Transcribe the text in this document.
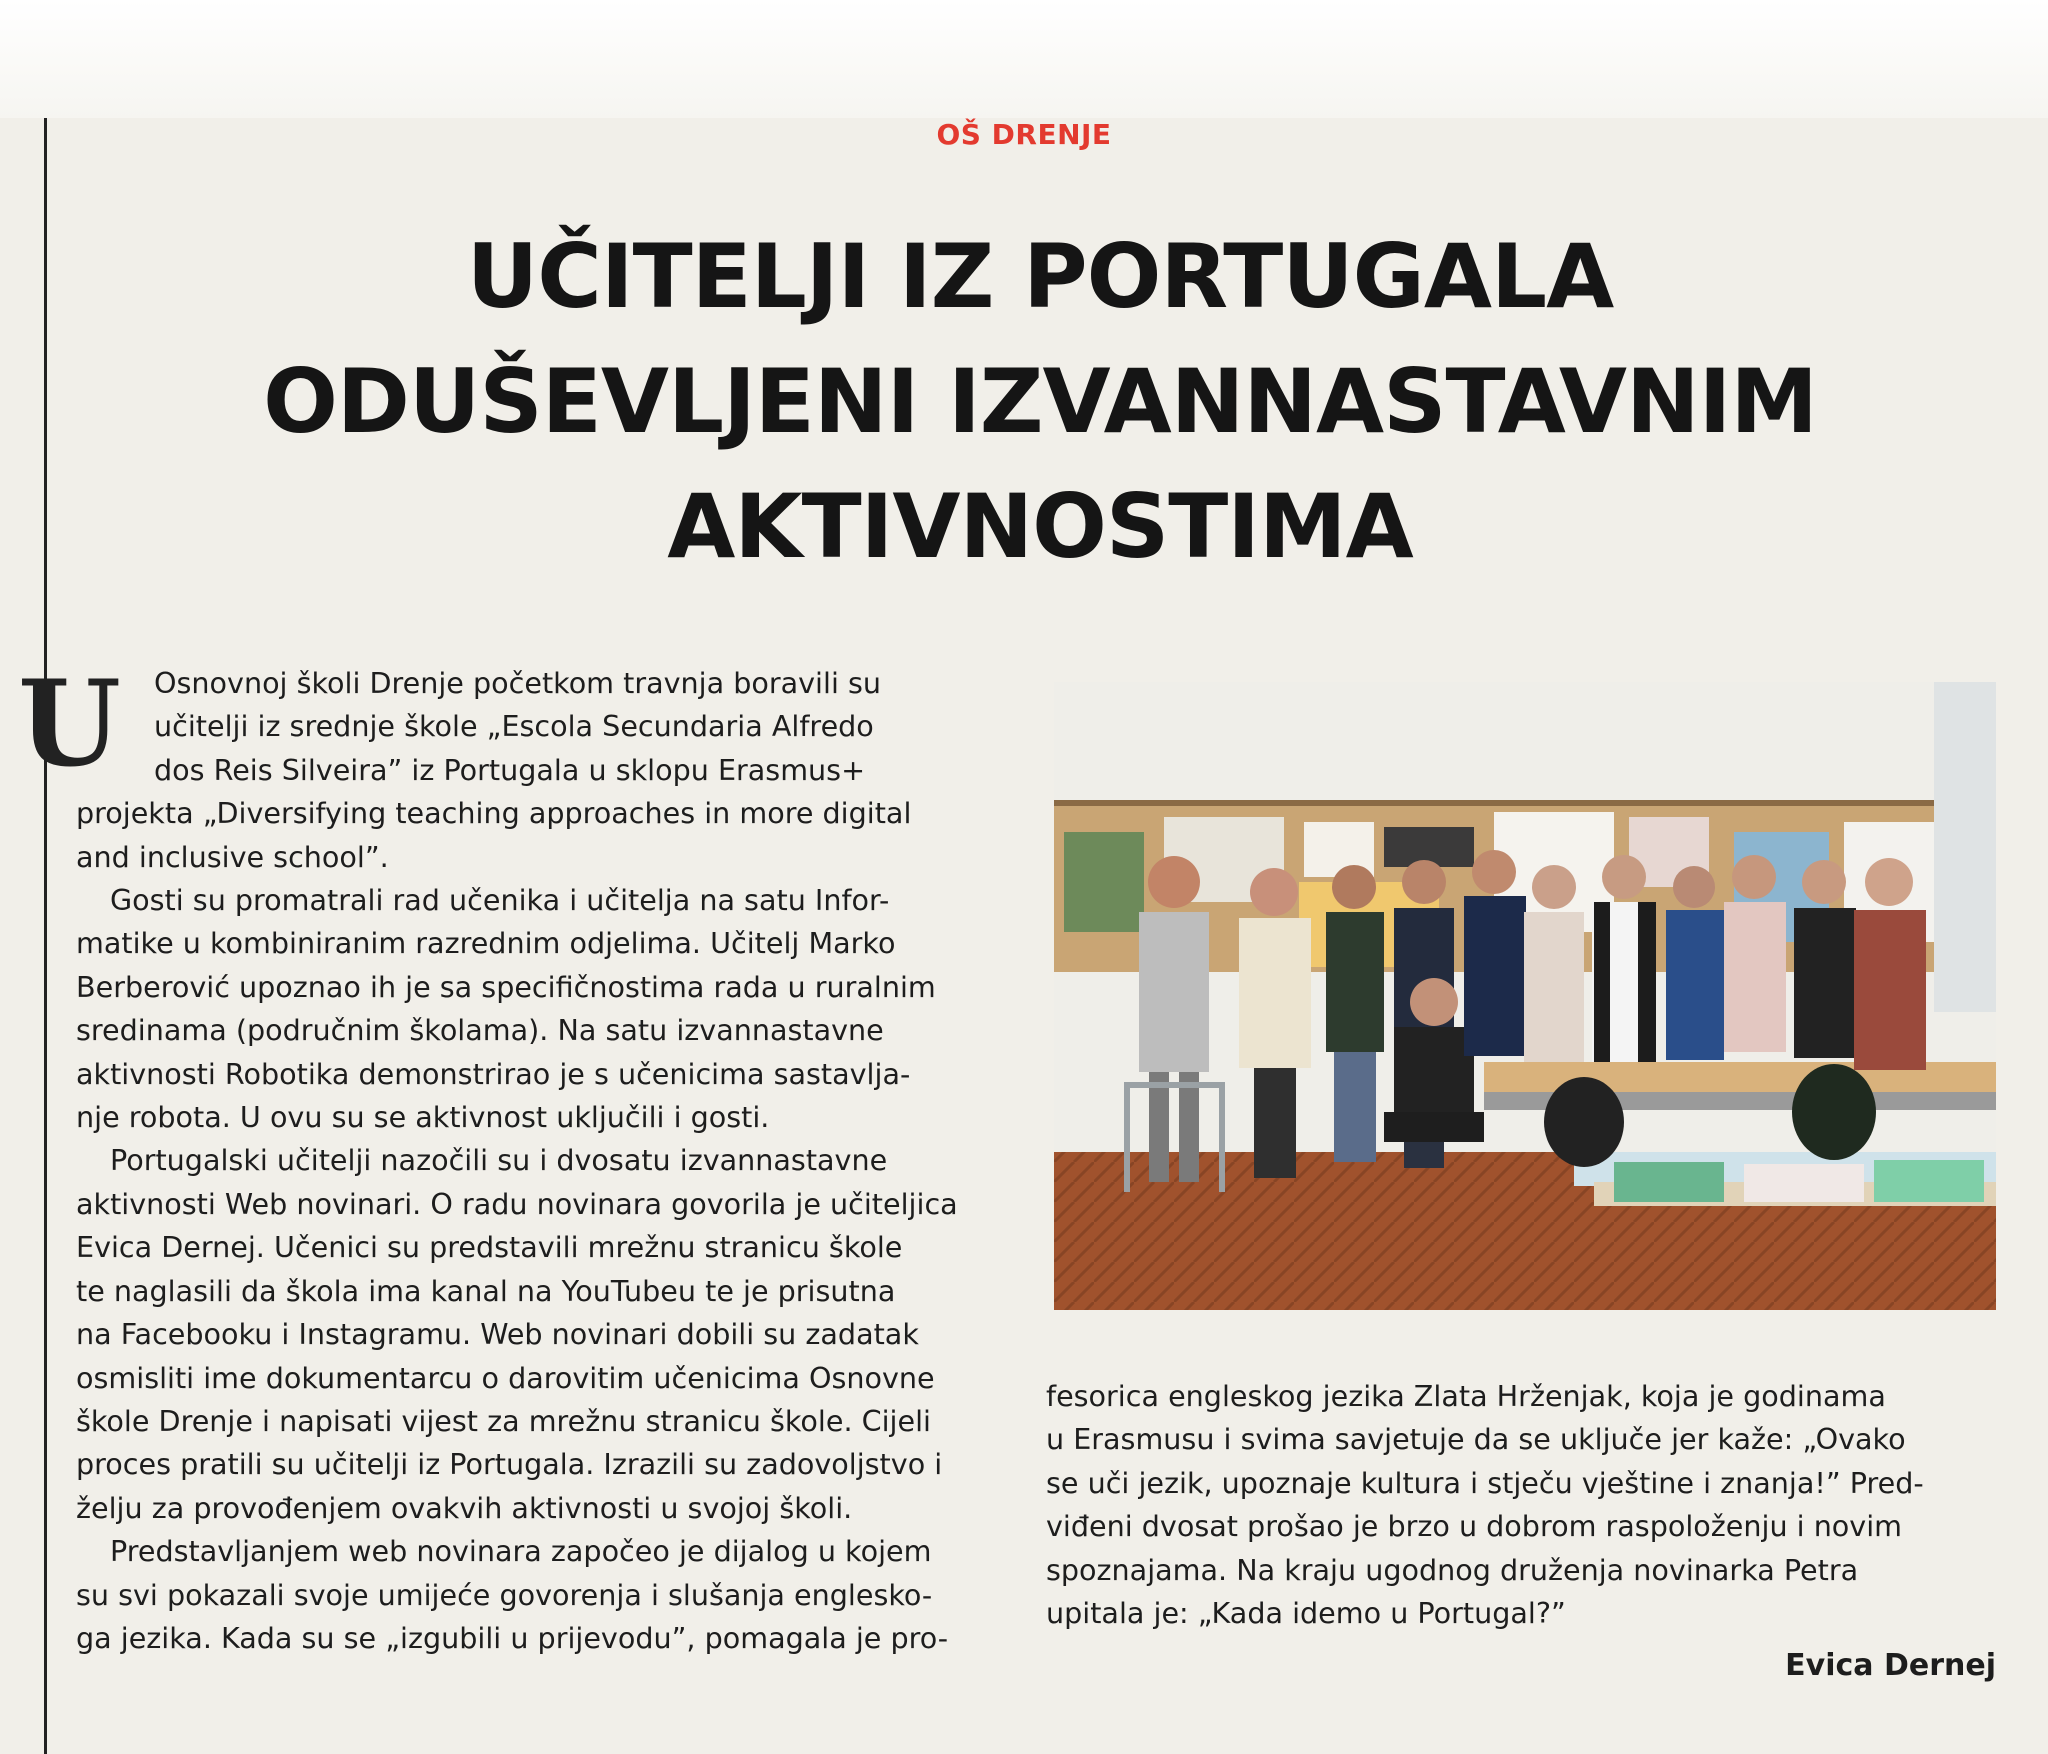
OŠ DRENJE
UČITELJI IZ PORTUGALA
ODUŠEVLJENI IZVANNASTAVNIM
AKTIVNOSTIMA
U	Osnovnoj školi Drenje početkom travnja boravili su
učitelji iz srednje škole „Escola Secundaria Alfredo
dos Reis Silveira” iz Portugala u sklopu Erasmus+
projekta „Diversifying teaching approaches in more digital
and inclusive school”.
Gosti su promatrali rad učenika i učitelja na satu Infor-
matike u kombiniranim razrednim odjelima. Učitelj Marko
Berberović upoznao ih je sa specifičnostima rada u ruralnim
sredinama (područnim školama). Na satu izvannastavne
aktivnosti Robotika demonstrirao je s učenicima sastavlja-
nje robota. U ovu su se aktivnost uključili i gosti.
Portugalski učitelji nazočili su i dvosatu izvannastavne
aktivnosti Web novinari. O radu novinara govorila je učiteljica
Evica Dernej. Učenici su predstavili mrežnu stranicu škole
te naglasili da škola ima kanal na YouTubeu te je prisutna
na Facebooku i Instagramu. Web novinari dobili su zadatak
osmisliti ime dokumentarcu o darovitim učenicima Osnovne
škole Drenje i napisati vijest za mrežnu stranicu škole. Cijeli
proces pratili su učitelji iz Portugala. Izrazili su zadovoljstvo i
želju za provođenjem ovakvih aktivnosti u svojoj školi.
Predstavljanjem web novinara započeo je dijalog u kojem
su svi pokazali svoje umijeće govorenja i slušanja englesko-
ga jezika. Kada su se „izgubili u prijevodu”, pomagala je pro-
fesorica engleskog jezika Zlata Hrženjak, koja je godinama
u Erasmusu i svima savjetuje da se uključe jer kaže: „Ovako
se uči jezik, upoznaje kultura i stječu vještine i znanja!” Pred-
viđeni dvosat prošao je brzo u dobrom raspoloženju i novim
spoznajama. Na kraju ugodnog druženja novinarka Petra
upitala je: „Kada idemo u Portugal?”
Evica Dernej
